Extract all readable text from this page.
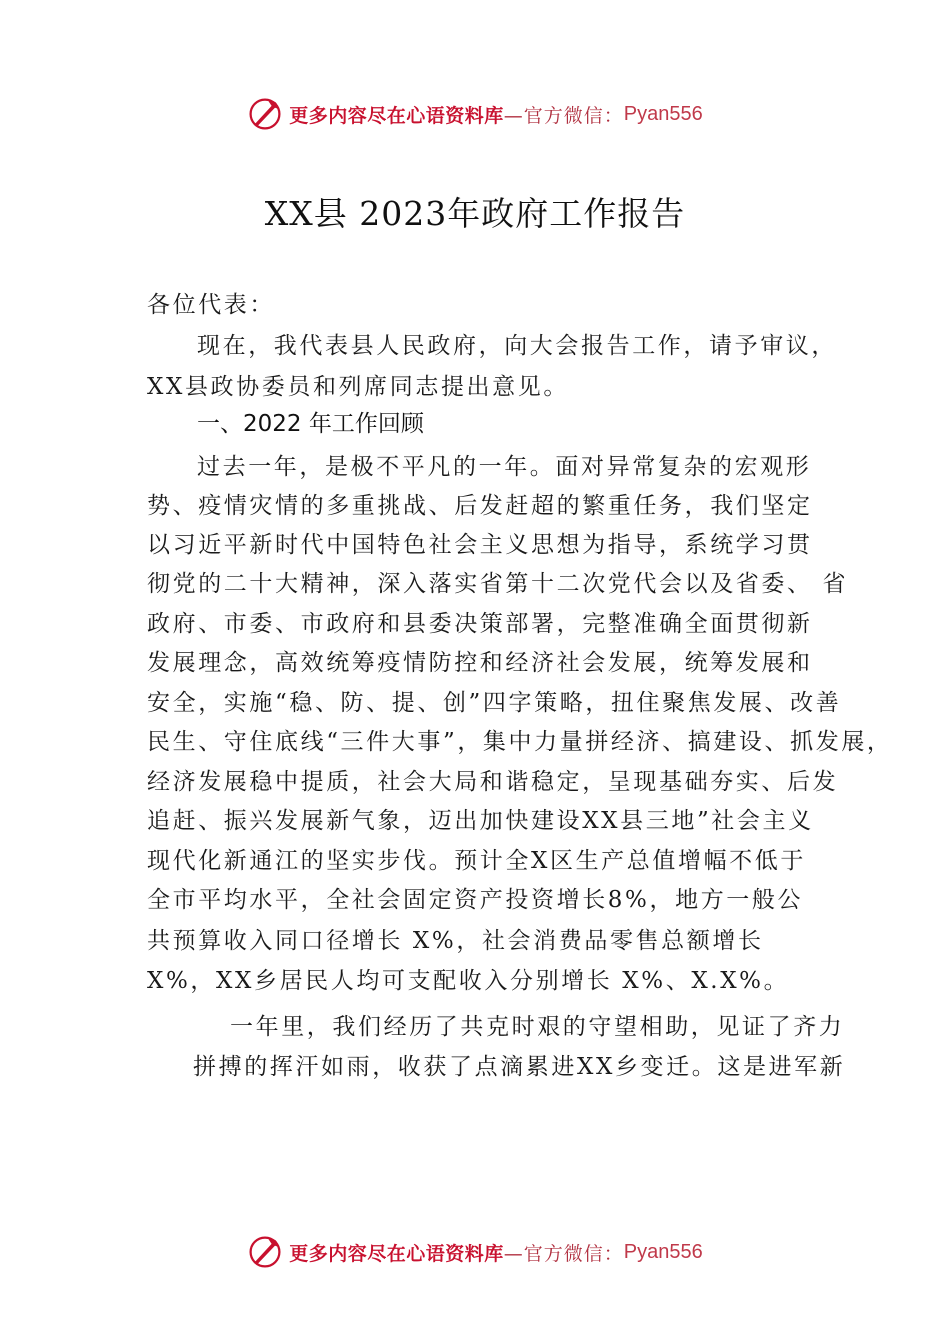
更多内容尽在心语资料库 —官方微信： Pyan556
XX县 2023年政府工作报告
各位代表：
现在，我代表县人民政府，向大会报告工作，请予审议，
XX县政协委员和列席同志提出意见。
一、2022 年工作回顾
过去一年，是极不平凡的一年。面对异常复杂的宏观形
势、疫情灾情的多重挑战、后发赶超的繁重任务，我们坚定
以习近平新时代中国特色社会主义思想为指导，系统学习贯
彻党的二十大精神，深入落实省第十二次党代会以及省委、 省
政府、市委、市政府和县委决策部署，完整准确全面贯彻新
发展理念，高效统筹疫情防控和经济社会发展，统筹发展和
安全，实施“稳、防、提、创”四字策略，扭住聚焦发展、改善
民生、守住底线“三件大事”，集中力量拼经济、搞建设、抓发展，
经济发展稳中提质，社会大局和谐稳定，呈现基础夯实、后发
追赶、振兴发展新气象，迈出加快建设XX县三地”社会主义
现代化新通江的坚实步伐。预计全X区生产总值增幅不低于
全市平均水平，全社会固定资产投资增长8%，地方一般公
共预算收入同口径增长 X%，社会消费品零售总额增长
X%，XX乡居民人均可支配收入分别增长 X%、X.X%。
一年里，我们经历了共克时艰的守望相助，见证了齐力
拼搏的挥汗如雨，收获了点滴累进XX乡变迁。这是进军新
更多内容尽在心语资料库 —官方微信： Pyan556
